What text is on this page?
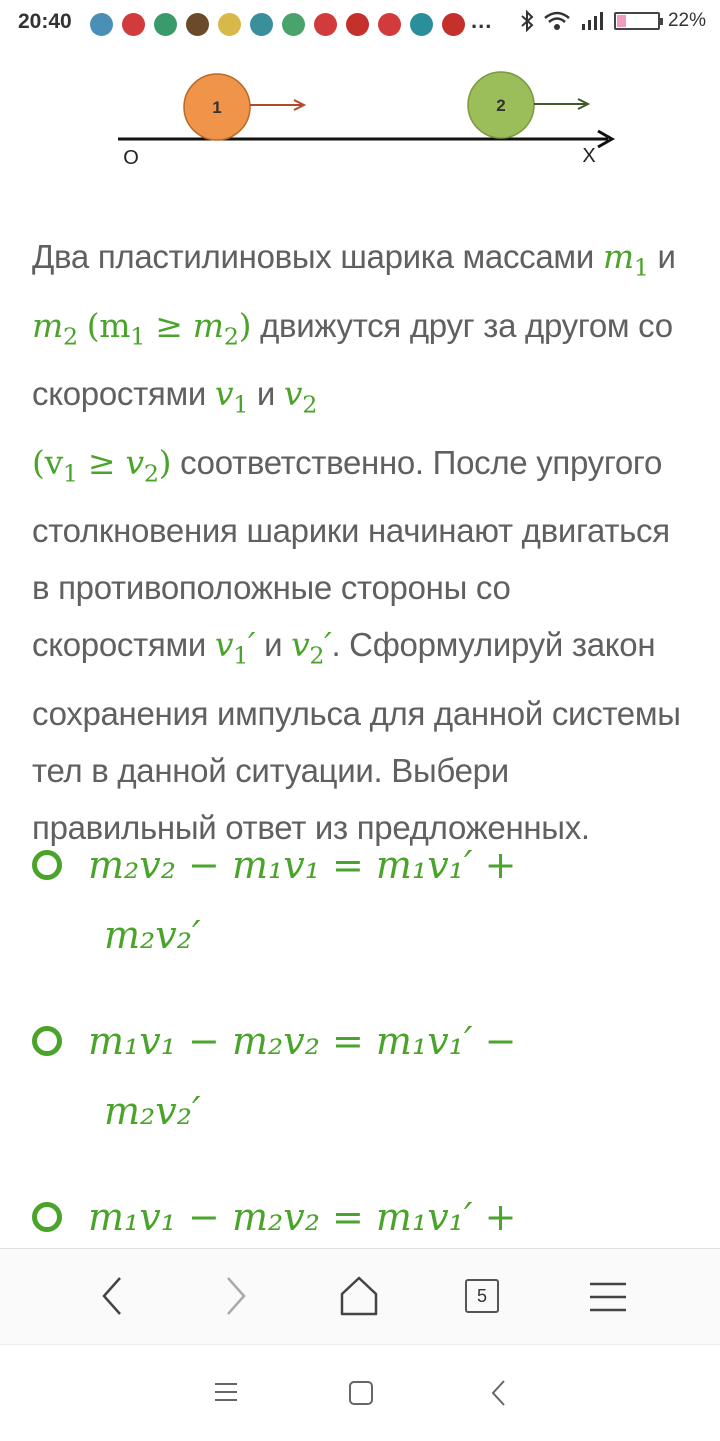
20:40	...	22%
1	2
O	X
Два пластилиновых шарика массами $m_1$ и
$m_2$ $(m_1 \ge m_2)$ движутся друг за другом со скоростями $v_1$ и $v_2$
$(v_1 \ge v_2)$ соответственно. После упругого столкновения шарики начинают двигаться в противоположные стороны со скоростями $v_1'$ и $v_2'$. Сформулируй закон сохранения импульса для данной системы тел в данной ситуации. Выбери правильный ответ из предложенных.
m₂v₂ − m₁v₁ = m₁v₁′ +
m₂v₂′
m₁v₁ − m₂v₂ = m₁v₁′ −
m₂v₂′
m₁v₁ − m₂v₂ = m₁v₁′ +
5
